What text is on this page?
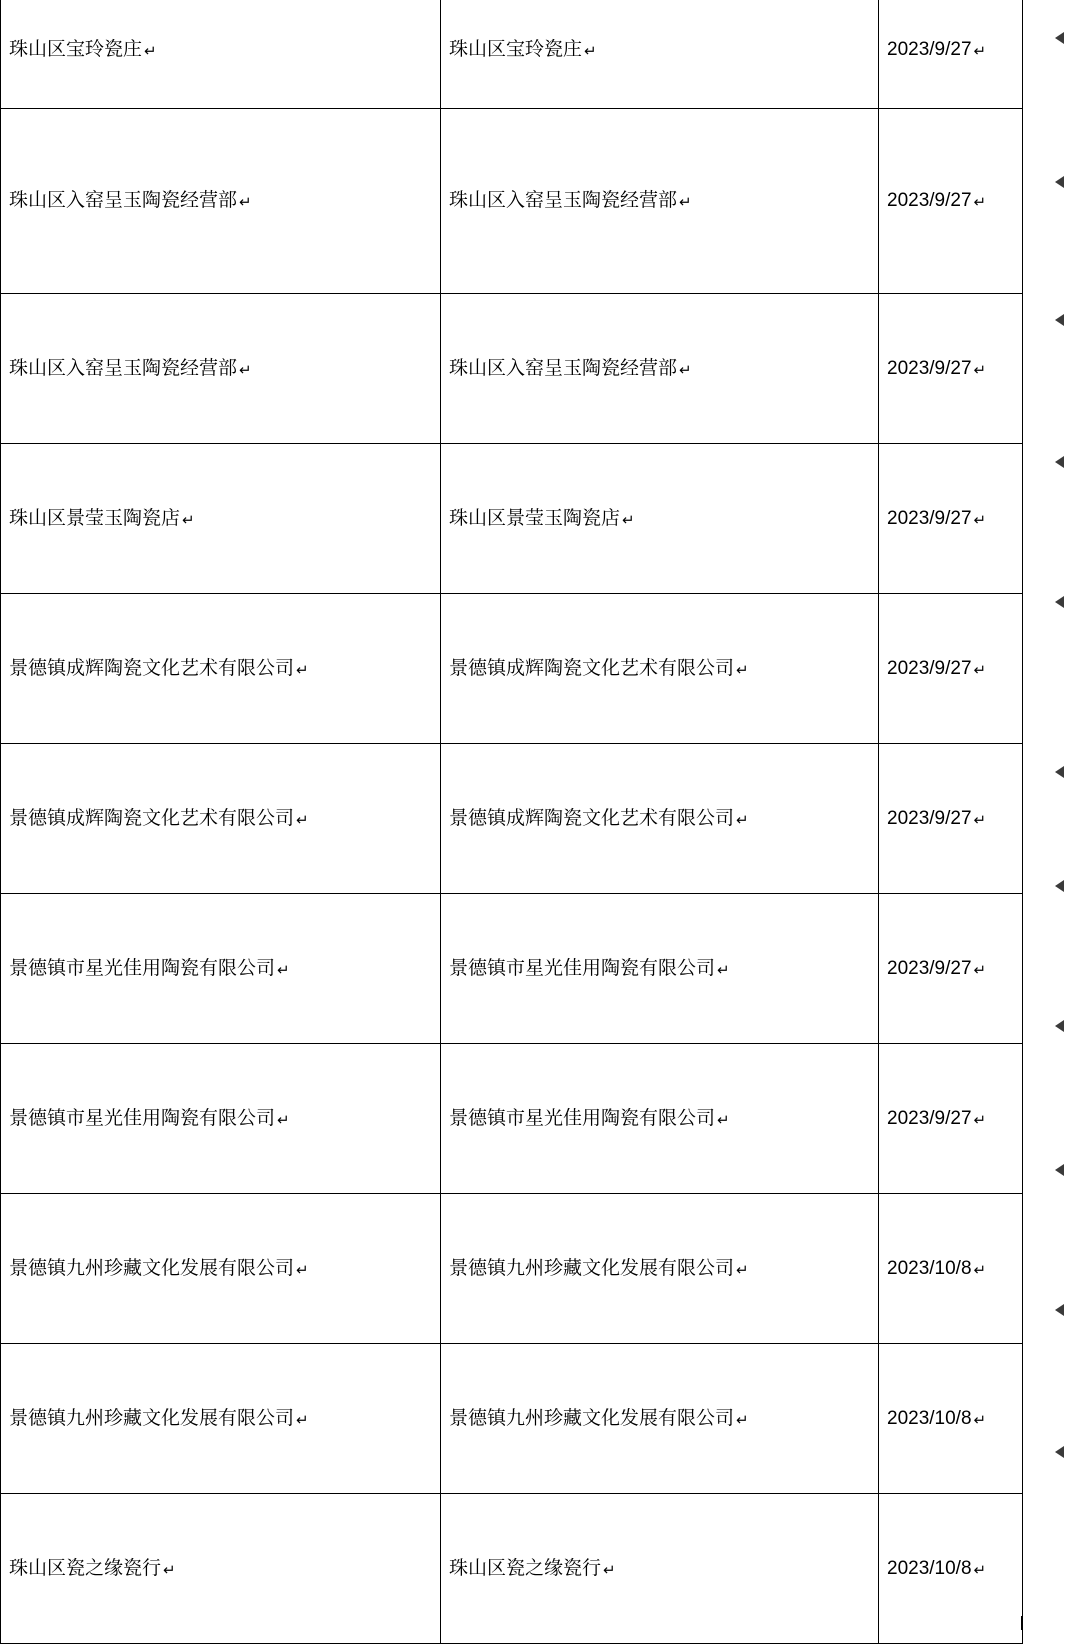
珠山区宝玲瓷庄 ↵	珠山区宝玲瓷庄 ↵	2023/9/27 ↵
珠山区入窑呈玉陶瓷经营部 ↵	珠山区入窑呈玉陶瓷经营部 ↵	2023/9/27 ↵
珠山区入窑呈玉陶瓷经营部 ↵	珠山区入窑呈玉陶瓷经营部 ↵	2023/9/27 ↵
珠山区景莹玉陶瓷店 ↵	珠山区景莹玉陶瓷店 ↵	2023/9/27 ↵
景德镇成辉陶瓷文化艺术有限公司 ↵	景德镇成辉陶瓷文化艺术有限公司 ↵	2023/9/27 ↵
景德镇成辉陶瓷文化艺术有限公司 ↵	景德镇成辉陶瓷文化艺术有限公司 ↵	2023/9/27 ↵
景德镇市星光佳用陶瓷有限公司 ↵	景德镇市星光佳用陶瓷有限公司 ↵	2023/9/27 ↵
景德镇市星光佳用陶瓷有限公司 ↵	景德镇市星光佳用陶瓷有限公司 ↵	2023/9/27 ↵
景德镇九州珍藏文化发展有限公司 ↵	景德镇九州珍藏文化发展有限公司 ↵	2023/10/8 ↵
景德镇九州珍藏文化发展有限公司 ↵	景德镇九州珍藏文化发展有限公司 ↵	2023/10/8 ↵
珠山区瓷之缘瓷行 ↵	珠山区瓷之缘瓷行 ↵	2023/10/8 ↵
